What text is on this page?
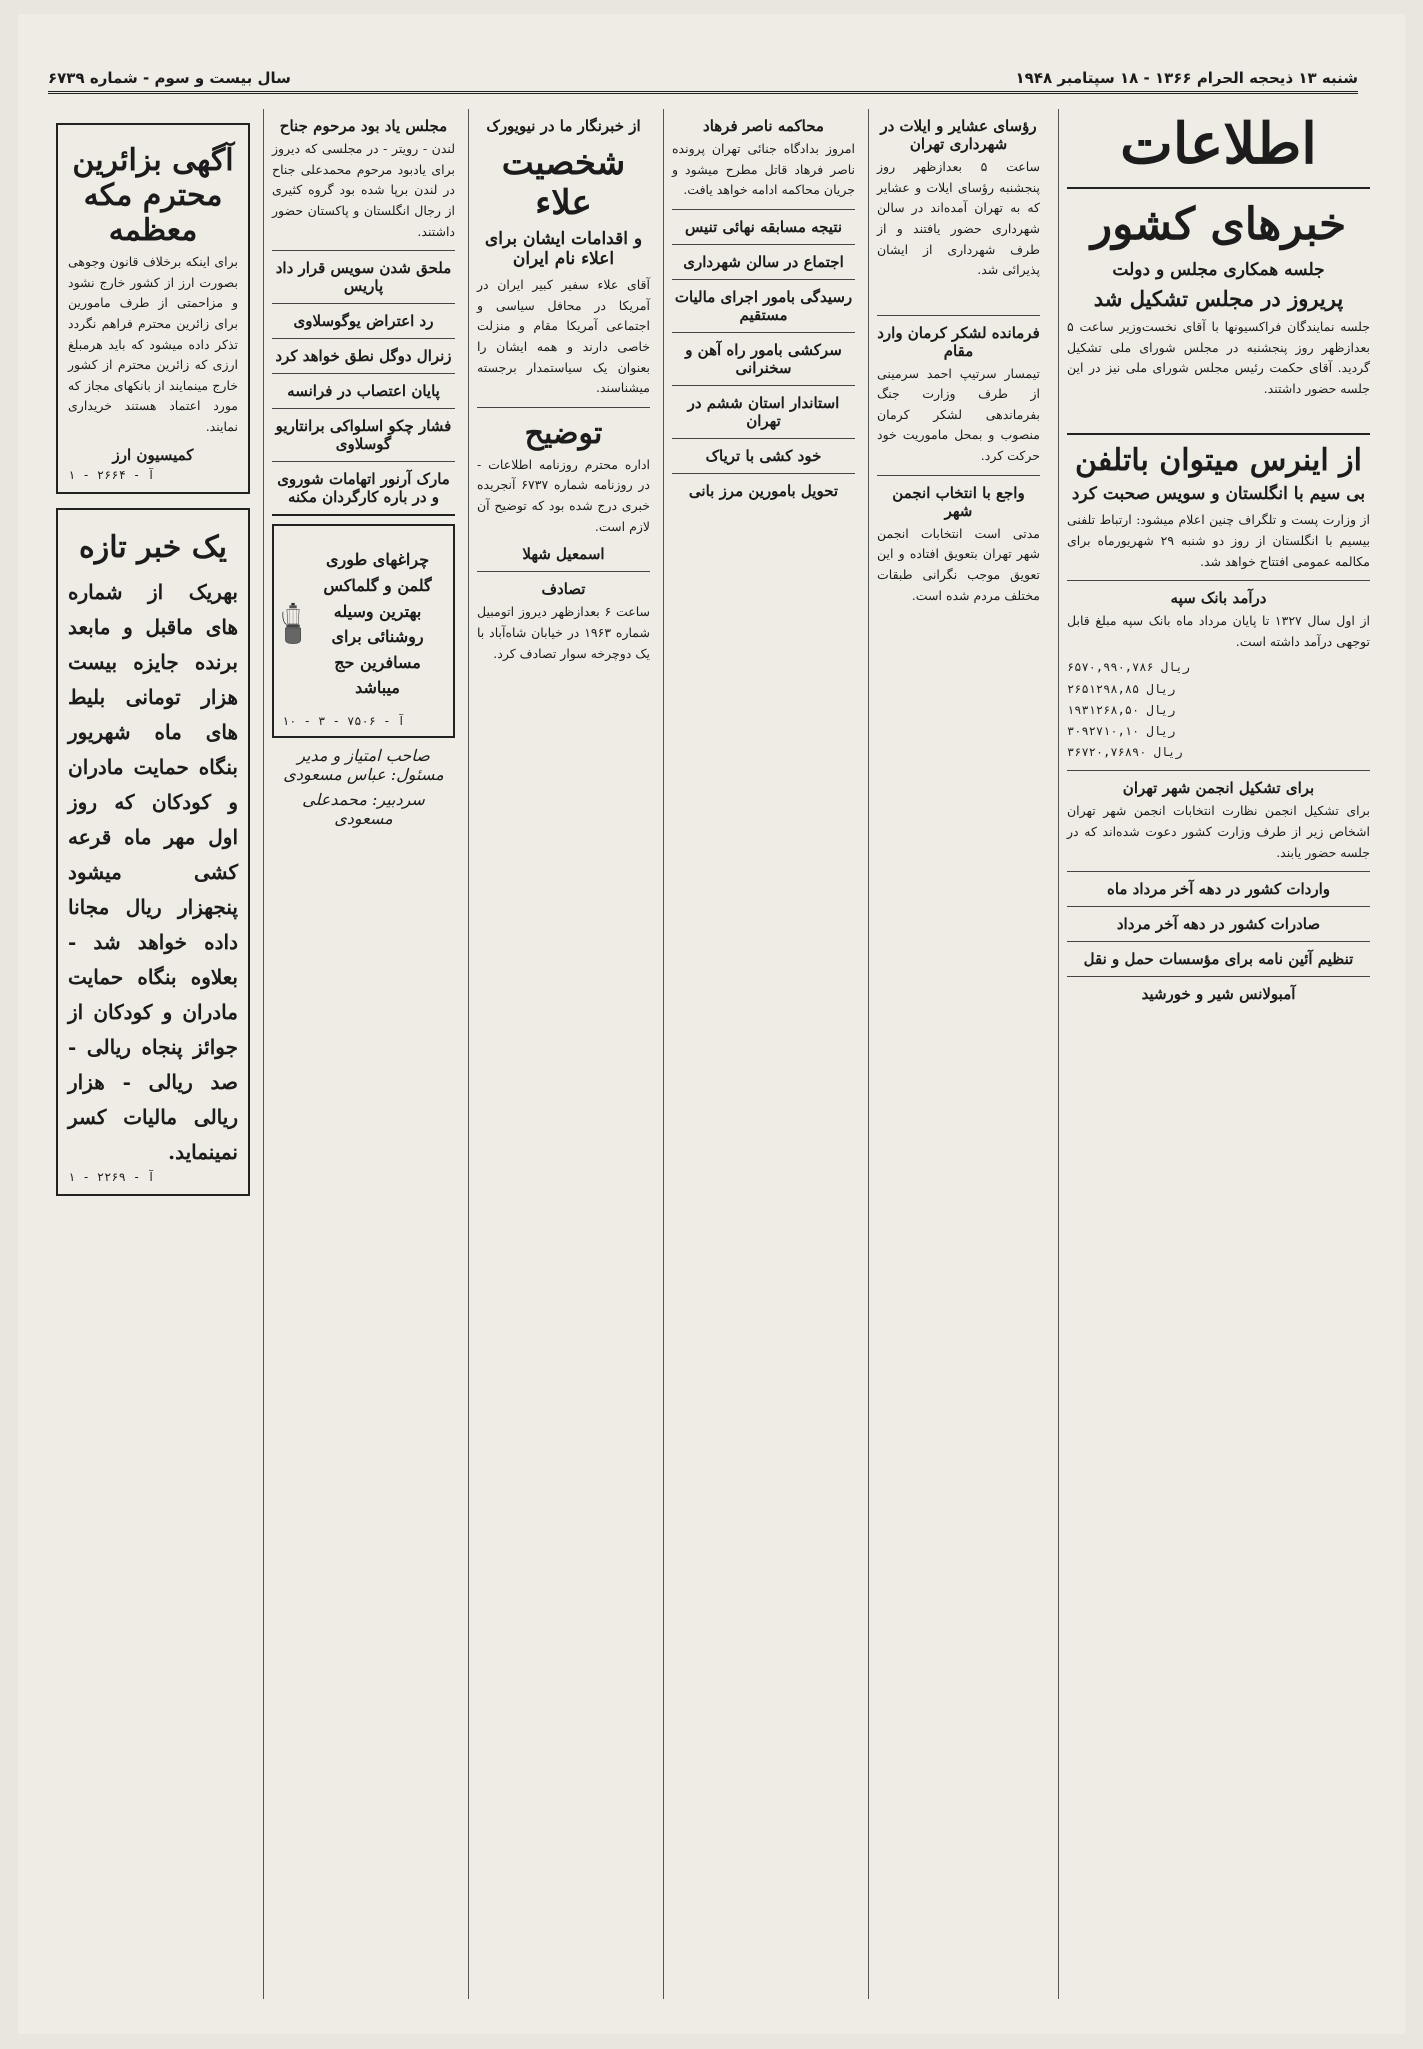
شنبه ۱۳ ذیحجه الحرام ۱۳۶۶ - ۱۸ سپتامبر ۱۹۴۸
سال بیست و سوم - شماره ۶۷۳۹
اطلاعات
خبرهای کشور
جلسه همکاری مجلس و دولت
پریروز در مجلس تشکیل شد
جلسه نمایندگان فراکسیونها با آقای نخست‌وزیر ساعت ۵ بعدازظهر روز پنجشنبه در مجلس شورای ملی تشکیل گردید. آقای حکمت رئیس مجلس شورای ملی نیز در این جلسه حضور داشتند.

از اینرس میتوان باتلفن
بی سیم با انگلستان و سویس صحبت کرد
از وزارت پست و تلگراف چنین اعلام میشود: ارتباط تلفنی بیسیم با انگلستان از روز دو شنبه ۲۹ شهریورماه برای مکالمه عمومی افتتاح خواهد شد.
درآمد بانک سپه
از اول سال ۱۳۲۷ تا پایان مرداد ماه بانک سپه مبلغ قابل توجهی درآمد داشته است.
۶۵۷۰,۹۹۰,۷۸۶ ریال
۲۶۵۱۲۹۸,۸۵ ریال
۱۹۳۱۲۶۸,۵۰ ریال
۳۰۹۲۷۱۰,۱۰ ریال
۳۶۷۲۰,۷۶۸۹۰ ریال
برای تشکیل انجمن شهر تهران
برای تشکیل انجمن نظارت انتخابات انجمن شهر تهران اشخاص زیر از طرف وزارت کشور دعوت شده‌اند که در جلسه حضور یابند.
واردات کشور در دهه آخر مرداد ماه
صادرات کشور در دهه آخر مرداد
تنظیم آئین نامه برای مؤسسات حمل و نقل
آمبولانس شیر و خورشید
رؤسای عشایر و ایلات در شهرداری تهران
ساعت ۵ بعدازظهر روز پنجشنبه رؤسای ایلات و عشایر که به تهران آمده‌اند در سالن شهرداری حضور یافتند و از طرف شهرداری از ایشان پذیرائی شد.

فرمانده لشکر کرمان وارد مقام
تیمسار سرتیپ احمد سرمینی از طرف وزارت جنگ بفرماندهی لشکر کرمان منصوب و بمحل ماموریت خود حرکت کرد.
واجع با انتخاب انجمن شهر
مدتی است انتخابات انجمن شهر تهران بتعویق افتاده و این تعویق موجب نگرانی طبقات مختلف مردم شده است.
محاکمه ناصر فرهاد
امروز بدادگاه جنائی تهران پرونده ناصر فرهاد قاتل مطرح میشود و جریان محاکمه ادامه خواهد یافت.
نتیجه مسابقه نهائی تنیس
اجتماع در سالن شهرداری
رسیدگی بامور اجرای مالیات مستقیم
سرکشی بامور راه آهن و سخنرانی
استاندار استان ششم در تهران
خود کشی با تریاک
تحویل بامورین مرز بانی
از خبرنگار ما در نیویورک
شخصیت علاء
و اقدامات ایشان برای اعلاء نام ایران
آقای علاء سفیر کبیر ایران در آمریکا در محافل سیاسی و اجتماعی آمریکا مقام و منزلت خاصی دارند و همه ایشان را بعنوان یک سیاستمدار برجسته میشناسند.
توضیح
اداره محترم روزنامه اطلاعات - در روزنامه شماره ۶۷۳۷ آنجریده خبری درج شده بود که توضیح آن لازم است.
اسمعیل شهلا
تصادف
ساعت ۶ بعدازظهر دیروز اتومبیل شماره ۱۹۶۳ در خیابان شاه‌آباد با یک دوچرخه سوار تصادف کرد.
مجلس یاد بود مرحوم جناح
لندن - رویتر - در مجلسی که دیروز برای یادبود مرحوم محمدعلی جناح در لندن برپا شده بود گروه کثیری از رجال انگلستان و پاکستان حضور داشتند.
ملحق شدن سویس قرار داد پاریس
رد اعتراض یوگوسلاوی
زنرال دوگل نطق خواهد کرد
پایان اعتصاب در فرانسه
فشار چکو اسلواکی برانتاریو گوسلاوی
مارک آرنور اتهامات شوروی و در باره کارگردان مکنه
چراغهای طوری گلمن و گلماکس بهترین وسیله روشنائی برای مسافرین حج میباشد
آ - ۷۵۰۶ - ۳ - ۱۰
صاحب امتیاز و مدیر مسئول: عباس مسعودی
سردبیر: محمدعلی مسعودی
آگهی بزائرین محترم مکه معظمه
برای اینکه برخلاف قانون وجوهی بصورت ارز از کشور خارج نشود و مزاحمتی از طرف مامورین برای زائرین محترم فراهم نگردد تذکر داده میشود که باید هرمبلغ ارزی که زائرین محترم از کشور خارج مینمایند از بانکهای مجاز که مورد اعتماد هستند خریداری نمایند.
کمیسیون ارز
آ - ۲۶۶۴ - ۱
یک خبر تازه
بهریک از شماره های ماقبل و مابعد برنده جایزه بیست هزار تومانی بلیط های ماه شهریور بنگاه حمایت مادران و کودکان که روز اول مهر ماه قرعه کشی میشود پنجهزار ریال مجانا داده خواهد شد - بعلاوه بنگاه حمایت مادران و کودکان از جوائز پنجاه ریالی - صد ریالی - هزار ریالی مالیات کسر نمینماید.
آ - ۲۲۶۹ - ۱
